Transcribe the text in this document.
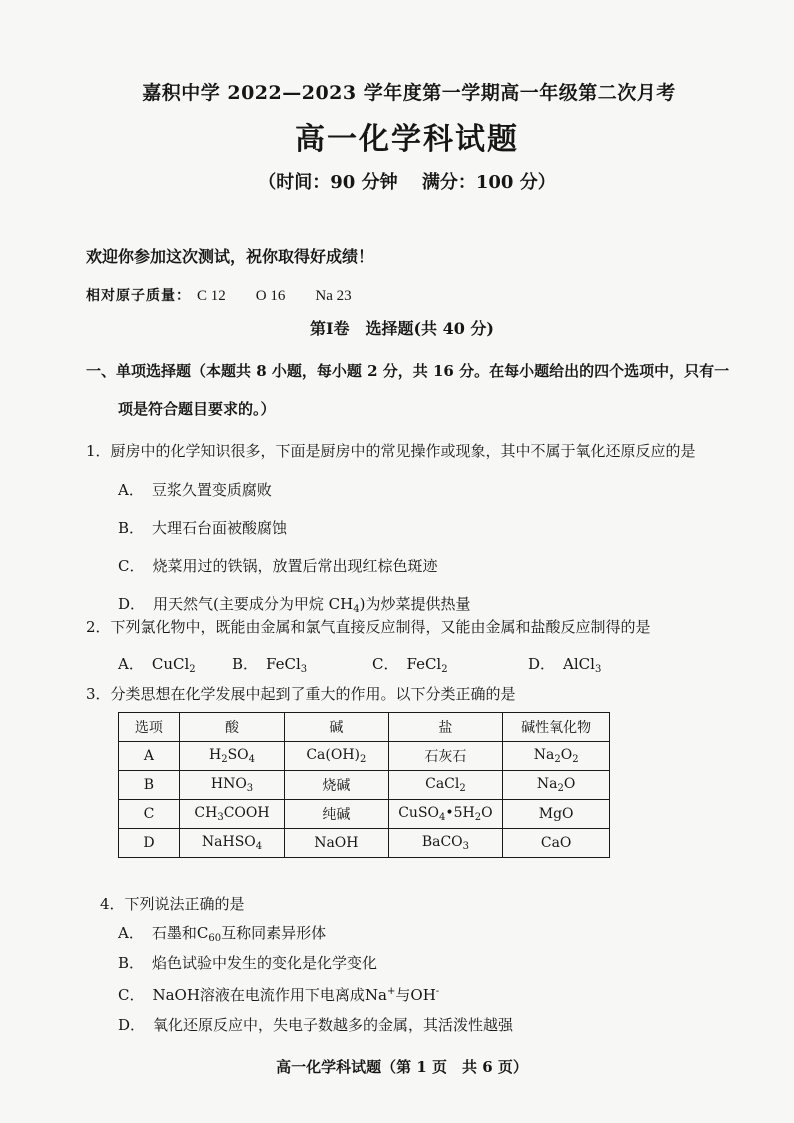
嘉积中学 2022—2023 学年度第一学期高一年级第二次月考
高一化学科试题
（时间：90 分钟　 满分：100 分）
欢迎你参加这次测试，祝你取得好成绩！
相对原子质量： C 12 O 16 Na 23
第Ⅰ卷　选择题(共 40 分)
一、单项选择题（本题共 8 小题，每小题 2 分，共 16 分。在每小题给出的四个选项中，只有一
项是符合题目要求的。）
1．厨房中的化学知识很多，下面是厨房中的常见操作或现象，其中不属于氧化还原反应的是
A． 豆浆久置变质腐败
B． 大理石台面被酸腐蚀
C． 烧菜用过的铁锅，放置后常出现红棕色斑迹
D． 用天然气(主要成分为甲烷 $CH_4$)为炒菜提供热量
2．下列氯化物中，既能由金属和氯气直接反应制得，又能由金属和盐酸反应制得的是
A． CuCl$_2$ B． FeCl$_3$	C． FeCl$_2$	D． AlCl$_3$
3．分类思想在化学发展中起到了重大的作用。以下分类正确的是
选项	酸	碱	盐	碱性氧化物
A	$H_2SO_4$	$Ca(OH)_2$	石灰石	$Na_2O_2$
B	$HNO_3$	烧碱	CaCl$_2$	$Na_2O$
C	$CH_3COOH$	纯碱	$CuSO_4•5H_2O$	MgO
D	NaHSO$_4$	NaOH	BaCO$_3$	CaO
4．下列说法正确的是
A． 石墨和$C_{60}$互称同素异形体
B． 焰色试验中发生的变化是化学变化
C． NaOH溶液在电流作用下电离成Na+与OH-
D． 氧化还原反应中，失电子数越多的金属，其活泼性越强
高一化学科试题（第 1 页　共 6 页）
